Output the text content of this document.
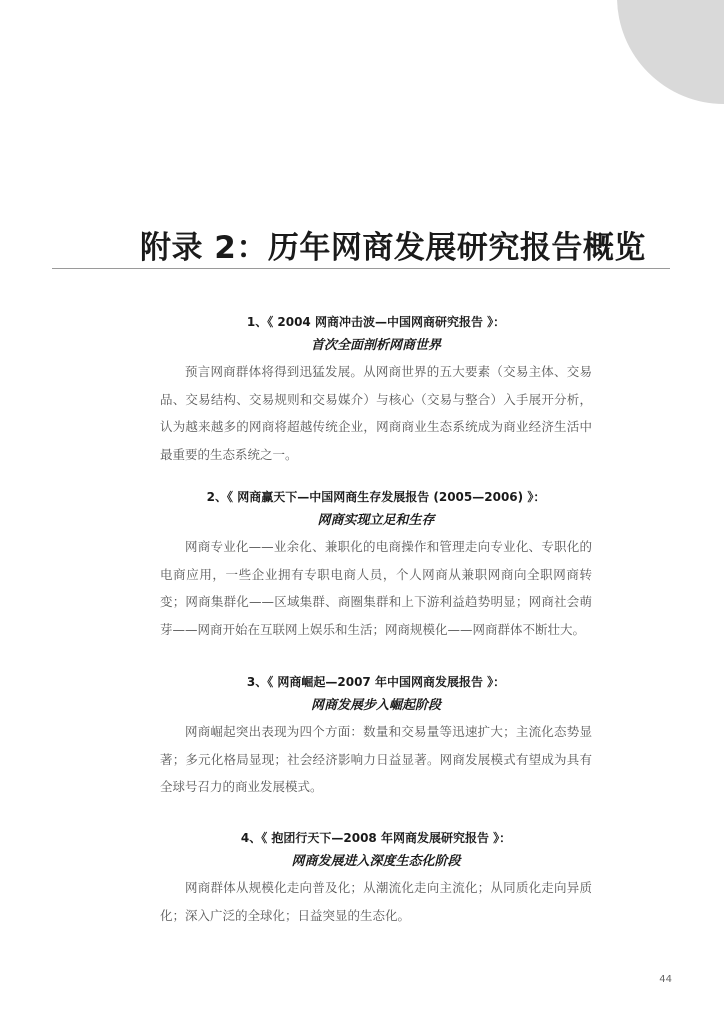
附录 2：历年网商发展研究报告概览
1、《 2004 网商冲击波—中国网商研究报告 》：
首次全面剖析网商世界
预言网商群体将得到迅猛发展。从网商世界的五大要素（交易主体、交易品、交易结构、交易规则和交易媒介）与核心（交易与整合）入手展开分析，认为越来越多的网商将超越传统企业，网商商业生态系统成为商业经济生活中最重要的生态系统之一。
2、《 网商赢天下—中国网商生存发展报告 (2005—2006) 》：
网商实现立足和生存
网商专业化——业余化、兼职化的电商操作和管理走向专业化、专职化的电商应用，一些企业拥有专职电商人员，个人网商从兼职网商向全职网商转变；网商集群化——区域集群、商圈集群和上下游利益趋势明显；网商社会萌芽——网商开始在互联网上娱乐和生活；网商规模化——网商群体不断壮大。
3、《 网商崛起—2007 年中国网商发展报告 》：
网商发展步入崛起阶段
网商崛起突出表现为四个方面：数量和交易量等迅速扩大；主流化态势显著；多元化格局显现；社会经济影响力日益显著。网商发展模式有望成为具有全球号召力的商业发展模式。
4、《 抱团行天下—2008 年网商发展研究报告 》：
网商发展进入深度生态化阶段
网商群体从规模化走向普及化；从潮流化走向主流化；从同质化走向异质化；深入广泛的全球化；日益突显的生态化。
44
